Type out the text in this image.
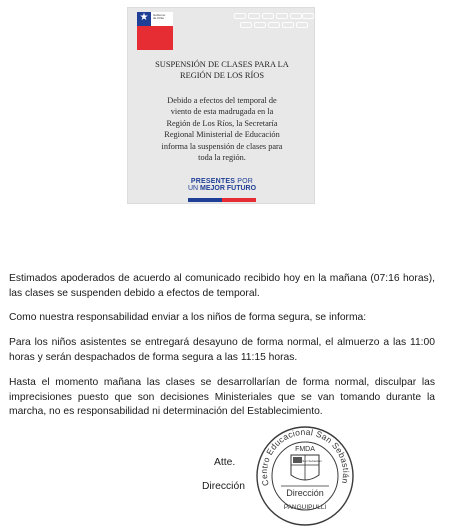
★	Gobierno
de Chile
Ministerio de
Educación
SUSPENSIÓN DE CLASES PARA LA
REGIÓN DE LOS RÍOS
Debido a efectos del temporal de
viento de esta madrugada en la
Región de Los Ríos, la Secretaría
Regional Ministerial de Educación
informa la suspensión de clases para
toda la región.
PRESENTES POR
UN MEJOR FUTURO
Estimados apoderados de acuerdo al comunicado recibido hoy en la mañana (07:16 horas), las clases se suspenden debido a efectos de temporal.
Como nuestra responsabilidad enviar a los niños de forma segura, se informa:
Para los niños asistentes se entregará desayuno de forma normal, el almuerzo a las 11:00 horas y serán despachados de forma segura a las 11:15 horas.
Hasta el momento mañana las clases se desarrollarían de forma normal, disculpar las imprecisiones puesto que son decisiones Ministeriales que se van tomando durante la marcha, no es responsabilidad ni determinación del Establecimiento.
Atte.
Dirección Centro Educacional San Sebastián
FMDA
San Sebastián
Dirección
PANGUIPULLI
